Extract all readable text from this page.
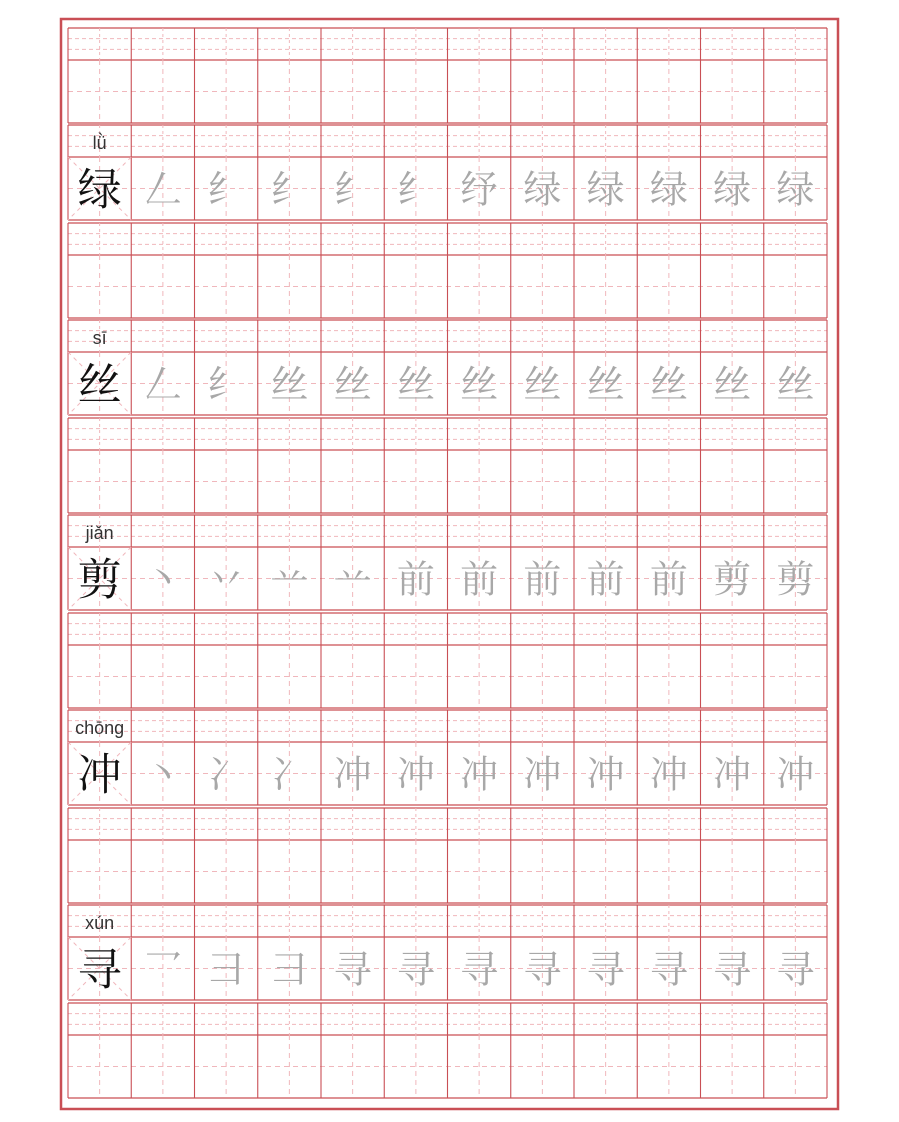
lǜ
绿 𠃋 纟 纟 纟 纟 纾 绿 绿 绿 绿 绿
sī
丝 𠃋 纟 丝 丝 丝 丝 丝 丝 丝 丝 丝
jiǎn
剪 丶 丷 䒑 䒑 前 前 前 前 前 剪 剪
chōng
冲 丶 冫 冫 冲 冲 冲 冲 冲 冲 冲 冲
xún
寻 乛 彐 彐 寻 寻 寻 寻 寻 寻 寻 寻
